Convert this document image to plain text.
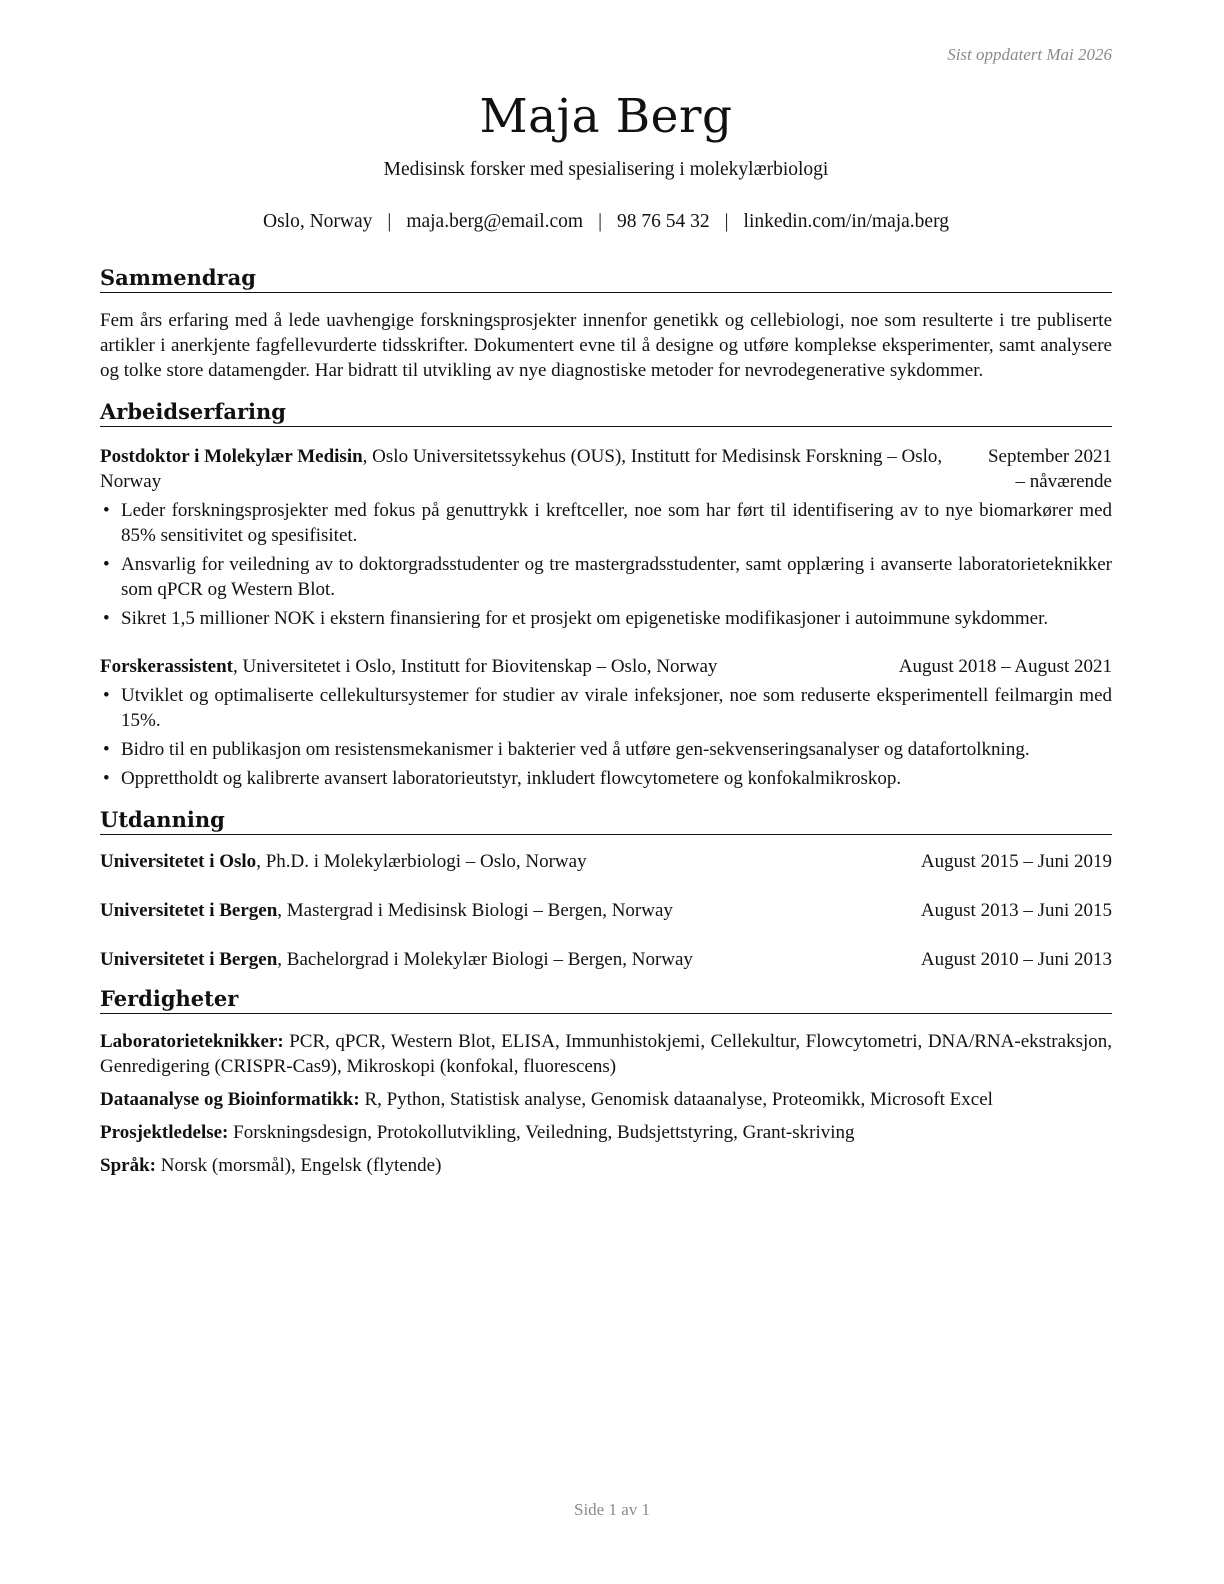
Sist oppdatert Mai 2026
Maja Berg
Medisinsk forsker med spesialisering i molekylærbiologi
Oslo, Norway | maja.berg@email.com | 98 76 54 32 | linkedin.com/in/maja.berg
Sammendrag
Fem års erfaring med å lede uavhengige forskningsprosjekter innenfor genetikk og cellebiologi, noe som resulterte i tre publiserte artikler i anerkjente fagfellevurderte tidsskrifter. Dokumentert evne til å designe og utføre komplekse eksperimenter, samt analysere og tolke store datamengder. Har bidratt til utvikling av nye diagnostiske metoder for nevrodegenerative sykdommer.
Arbeidserfaring
Postdoktor i Molekylær Medisin, Oslo Universitetssykehus (OUS), Institutt for Medisinsk Forskning – Oslo, Norway
September 2021 – nåværende
• Leder forskningsprosjekter med fokus på genuttrykk i kreftceller, noe som har ført til identifisering av to nye biomarkører med 85% sensitivitet og spesifisitet.
• Ansvarlig for veiledning av to doktorgradsstudenter og tre mastergradsstudenter, samt opplæring i avanserte laboratorieteknikker som qPCR og Western Blot.
• Sikret 1,5 millioner NOK i ekstern finansiering for et prosjekt om epigenetiske modifikasjoner i autoimmune sykdommer.
Forskerassistent, Universitetet i Oslo, Institutt for Biovitenskap – Oslo, Norway	August 2018 – August 2021
• Utviklet og optimaliserte cellekultursystemer for studier av virale infeksjoner, noe som reduserte eksperimentell feilmargin med 15%.
• Bidro til en publikasjon om resistensmekanismer i bakterier ved å utføre gen-sekvenseringsanalyser og datafortolkning.
• Opprettholdt og kalibrerte avansert laboratorieutstyr, inkludert flowcytometere og konfokalmikroskop.
Utdanning
Universitetet i Oslo, Ph.D. i Molekylærbiologi – Oslo, Norway	August 2015 – Juni 2019
Universitetet i Bergen, Mastergrad i Medisinsk Biologi – Bergen, Norway	August 2013 – Juni 2015
Universitetet i Bergen, Bachelorgrad i Molekylær Biologi – Bergen, Norway	August 2010 – Juni 2013
Ferdigheter
Laboratorieteknikker: PCR, qPCR, Western Blot, ELISA, Immunhistokjemi, Cellekultur, Flowcytometri, DNA/RNA-ekstraksjon, Genredigering (CRISPR-Cas9), Mikroskopi (konfokal, fluorescens)
Dataanalyse og Bioinformatikk: R, Python, Statistisk analyse, Genomisk dataanalyse, Proteomikk, Microsoft Excel
Prosjektledelse: Forskningsdesign, Protokollutvikling, Veiledning, Budsjettstyring, Grant-skriving
Språk: Norsk (morsmål), Engelsk (flytende)
Side 1 av 1
